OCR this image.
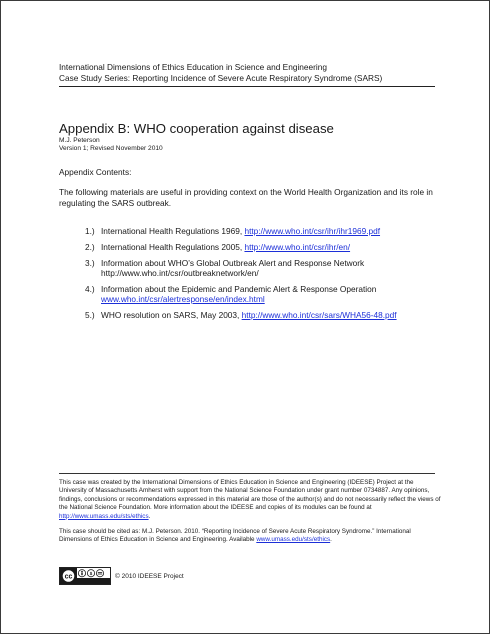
International Dimensions of Ethics Education in Science and Engineering
Case Study Series: Reporting Incidence of Severe Acute Respiratory Syndrome (SARS)
Appendix B: WHO cooperation against disease
M.J. Peterson
Version 1; Revised November 2010
Appendix Contents:
The following materials are useful in providing context on the World Health Organization and its role in regulating the SARS outbreak.
1.) International Health Regulations 1969, http://www.who.int/csr/ihr/ihr1969.pdf
2.) International Health Regulations 2005, http://www.who.int/csr/ihr/en/
3.) Information about WHO’s Global Outbreak Alert and Response Network
http://www.who.int/csr/outbreaknetwork/en/
4.) Information about the Epidemic and Pandemic Alert & Response Operation
www.who.int/csr/alertresponse/en/index.html
5.) WHO resolution on SARS, May 2003, http://www.who.int/csr/sars/WHA56-48.pdf

This case was created by the International Dimensions of Ethics Education in Science and Engineering (IDEESE) Project at the University of Massachusetts Amherst with support from the National Science Foundation under grant number 0734887. Any opinions, findings, conclusions or recommendations expressed in this material are those of the author(s) and do not necessarily reflect the views of the National Science Foundation. More information about the IDEESE and copies of its modules can be found at http://www.umass.edu/sts/ethics.

This case should be cited as: M.J. Peterson. 2010. “Reporting Incidence of Severe Acute Respiratory Syndrome.” International Dimensions of Ethics Education in Science and Engineering. Available www.umass.edu/sts/ethics.

cc
$	© 2010 IDEESE Project
